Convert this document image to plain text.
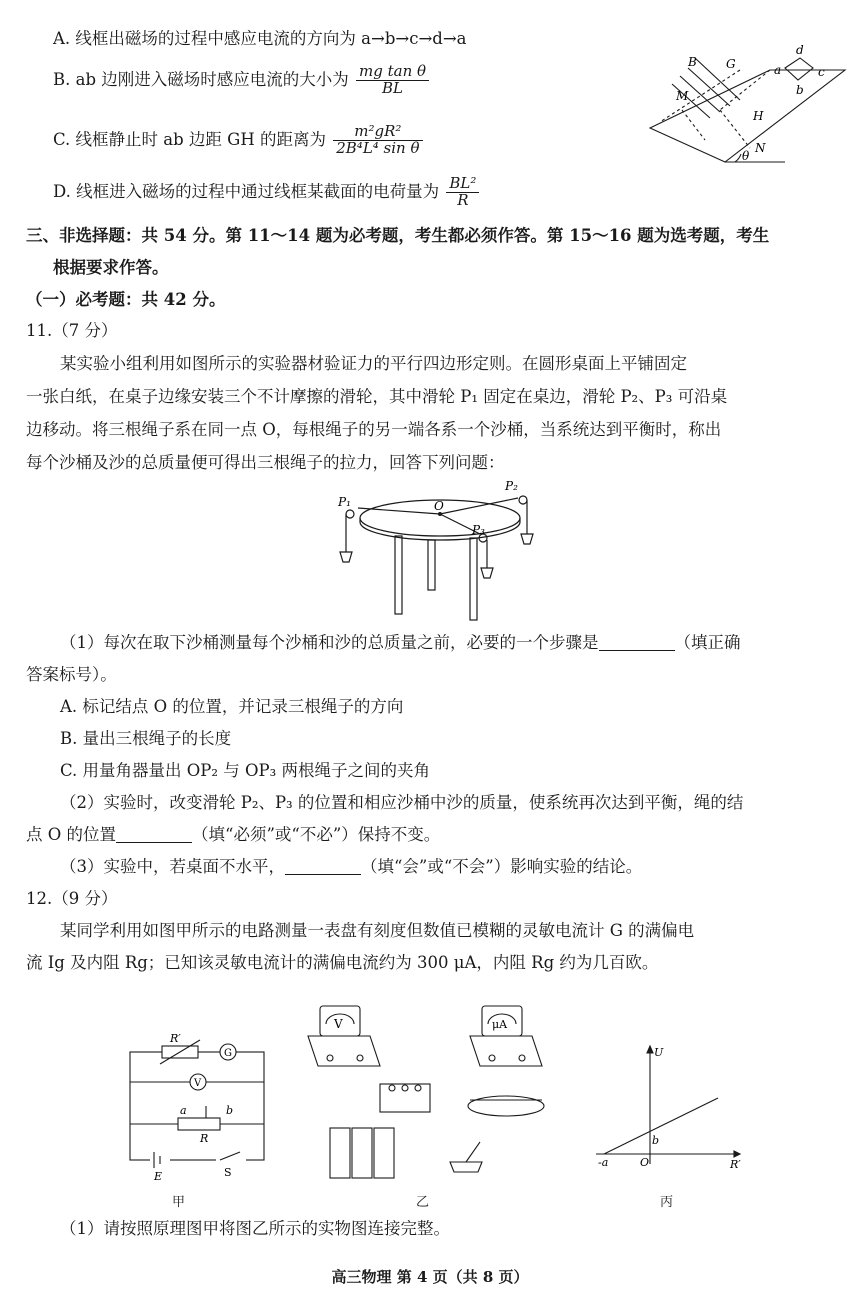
A. 线框出磁场的过程中感应电流的方向为 a→b→c→d→a
B. ab 边刚进入磁场时感应电流的大小为 $\frac{\text{mg tan θ}}{BL}$
C. 线框静止时 ab 边距 GH 的距离为 $\frac{\text{m²gR²}}{\text{2B⁴L⁴ sin θ}}$
D. 线框进入磁场的过程中通过线框某截面的电荷量为 $\frac{\text{BL²}}{R}$
B G
M
H
N
θ
a
b
c
d
三、非选择题：共 54 分。第 11～14 题为必考题，考生都必须作答。第 15～16 题为选考题，考生
根据要求作答。
（一）必考题：共 42 分。
11.（7 分）
某实验小组利用如图所示的实验器材验证力的平行四边形定则。在圆形桌面上平铺固定
一张白纸，在桌子边缘安装三个不计摩擦的滑轮，其中滑轮 P₁ 固定在桌边，滑轮 P₂、P₃ 可沿桌
边移动。将三根绳子系在同一点 O，每根绳子的另一端各系一个沙桶，当系统达到平衡时，称出
每个沙桶及沙的总质量便可得出三根绳子的拉力，回答下列问题：
P₁
P₂
P₃
O
（1）每次在取下沙桶测量每个沙桶和沙的总质量之前，必要的一个步骤是	（填正确
答案标号）。
A. 标记结点 O 的位置，并记录三根绳子的方向
B. 量出三根绳子的长度
C. 用量角器量出 OP₂ 与 OP₃ 两根绳子之间的夹角
（2）实验时，改变滑轮 P₂、P₃ 的位置和相应沙桶中沙的质量，使系统再次达到平衡，绳的结
点 O 的位置	（填“必须”或“不必”）保持不变。
（3）实验中，若桌面不水平，	（填“会”或“不会”）影响实验的结论。
12.（9 分）
某同学利用如图甲所示的电路测量一表盘有刻度但数值已模糊的灵敏电流计 G 的满偏电
流 Ig 及内阻 Rg；已知该灵敏电流计的满偏电流约为 300 μA，内阻 Rg 约为几百欧。
R′
G
V
a	b
R
E	S
V	μA
U
b
-a	O	R′
甲	乙	丙
（1）请按照原理图甲将图乙所示的实物图连接完整。
高三物理 第 4 页（共 8 页）
